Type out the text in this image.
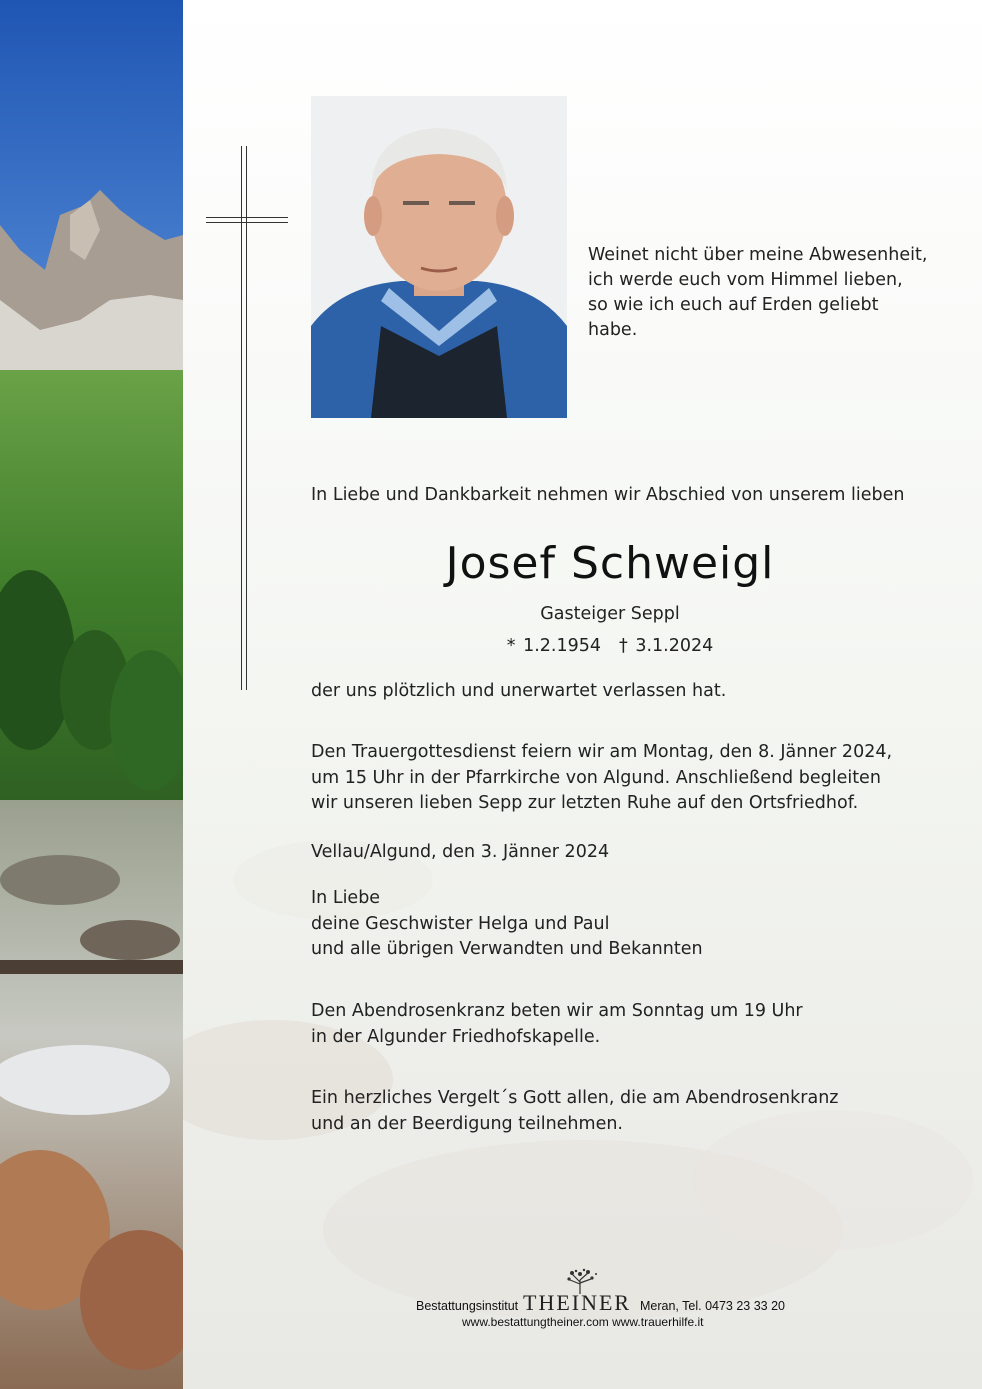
Weinet nicht über meine Abwesenheit,
ich werde euch vom Himmel lieben,
so wie ich euch auf Erden geliebt
habe.
In Liebe und Dankbarkeit nehmen wir Abschied von unserem lieben
Josef Schweigl
Gasteiger Seppl
* 1.2.1954 † 3.1.2024
der uns plötzlich und unerwartet verlassen hat.
Den Trauergottesdienst feiern wir am Montag, den 8. Jänner 2024,
um 15 Uhr in der Pfarrkirche von Algund. Anschließend begleiten
wir unseren lieben Sepp zur letzten Ruhe auf den Ortsfriedhof.
Vellau/Algund, den 3. Jänner 2024
In Liebe
deine Geschwister Helga und Paul
und alle übrigen Verwandten und Bekannten
Den Abendrosenkranz beten wir am Sonntag um 19 Uhr
in der Algunder Friedhofskapelle.
Ein herzliches Vergelt´s Gott allen, die am Abendrosenkranz
und an der Beerdigung teilnehmen.
Bestattungsinstitut THEINER Meran, Tel. 0473 23 33 20
www.bestattungtheiner.com www.trauerhilfe.it
